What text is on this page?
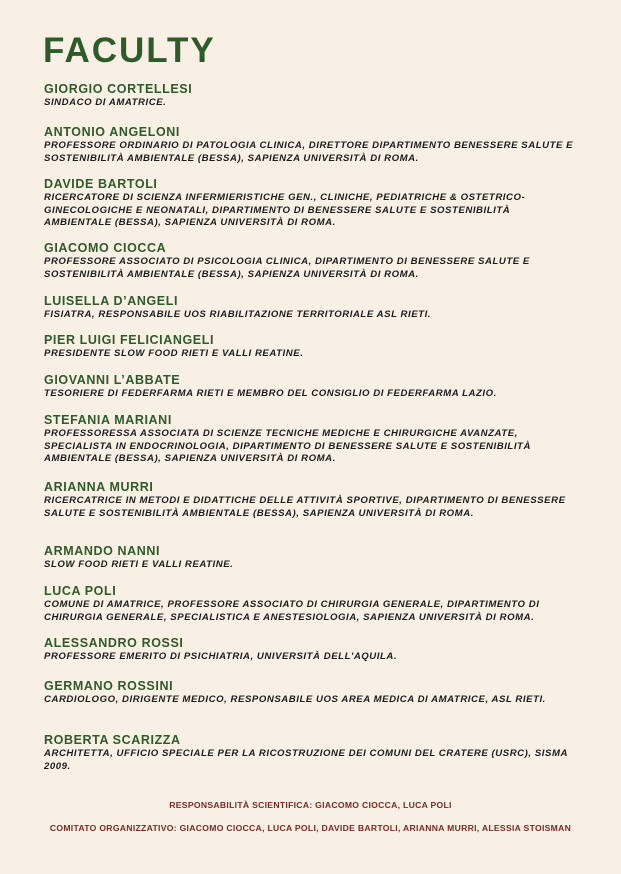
FACULTY
GIORGIO CORTELLESI
SINDACO DI AMATRICE.
ANTONIO ANGELONI
PROFESSORE ORDINARIO DI PATOLOGIA CLINICA, DIRETTORE DIPARTIMENTO BENESSERE SALUTE E SOSTENIBILITÀ AMBIENTALE (BESSA), SAPIENZA UNIVERSITÀ DI ROMA.
DAVIDE BARTOLI
RICERCATORE DI SCIENZA INFERMIERISTICHE GEN., CLINICHE, PEDIATRICHE & OSTETRICO-GINECOLOGICHE E NEONATALI, DIPARTIMENTO DI BENESSERE SALUTE E SOSTENIBILITÀ AMBIENTALE (BESSA), SAPIENZA UNIVERSITÀ DI ROMA.
GIACOMO CIOCCA
PROFESSORE ASSOCIATO DI PSICOLOGIA CLINICA, DIPARTIMENTO DI BENESSERE SALUTE E SOSTENIBILITÀ AMBIENTALE (BESSA), SAPIENZA UNIVERSITÀ DI ROMA.
LUISELLA D’ANGELI
FISIATRA, RESPONSABILE UOS RIABILITAZIONE TERRITORIALE ASL RIETI.
PIER LUIGI FELICIANGELI
PRESIDENTE SLOW FOOD RIETI E VALLI REATINE.
GIOVANNI L’ABBATE
TESORIERE DI FEDERFARMA RIETI E MEMBRO DEL CONSIGLIO DI FEDERFARMA LAZIO.
STEFANIA MARIANI
PROFESSORESSA ASSOCIATA DI SCIENZE TECNICHE MEDICHE E CHIRURGICHE AVANZATE, SPECIALISTA IN ENDOCRINOLOGIA, DIPARTIMENTO DI BENESSERE SALUTE E SOSTENIBILITÀ AMBIENTALE (BESSA), SAPIENZA UNIVERSITÀ DI ROMA.
ARIANNA MURRI
RICERCATRICE IN METODI E DIDATTICHE DELLE ATTIVITÀ SPORTIVE, DIPARTIMENTO DI BENESSERE SALUTE E SOSTENIBILITÀ AMBIENTALE (BESSA), SAPIENZA UNIVERSITÀ DI ROMA.
ARMANDO NANNI
SLOW FOOD RIETI E VALLI REATINE.
LUCA POLI
COMUNE DI AMATRICE, PROFESSORE ASSOCIATO DI CHIRURGIA GENERALE, DIPARTIMENTO DI CHIRURGIA GENERALE, SPECIALISTICA E ANESTESIOLOGIA, SAPIENZA UNIVERSITÀ DI ROMA.
ALESSANDRO ROSSI
PROFESSORE EMERITO DI PSICHIATRIA, UNIVERSITÀ DELL'AQUILA.
GERMANO ROSSINI
CARDIOLOGO, DIRIGENTE MEDICO, RESPONSABILE UOS AREA MEDICA DI AMATRICE, ASL RIETI.
ROBERTA SCARIZZA
ARCHITETTA, UFFICIO SPECIALE PER LA RICOSTRUZIONE DEI COMUNI DEL CRATERE (USRC), SISMA 2009.
RESPONSABILITÀ SCIENTIFICA: GIACOMO CIOCCA, LUCA POLI
COMITATO ORGANIZZATIVO: GIACOMO CIOCCA, LUCA POLI, DAVIDE BARTOLI, ARIANNA MURRI, ALESSIA STOISMAN
